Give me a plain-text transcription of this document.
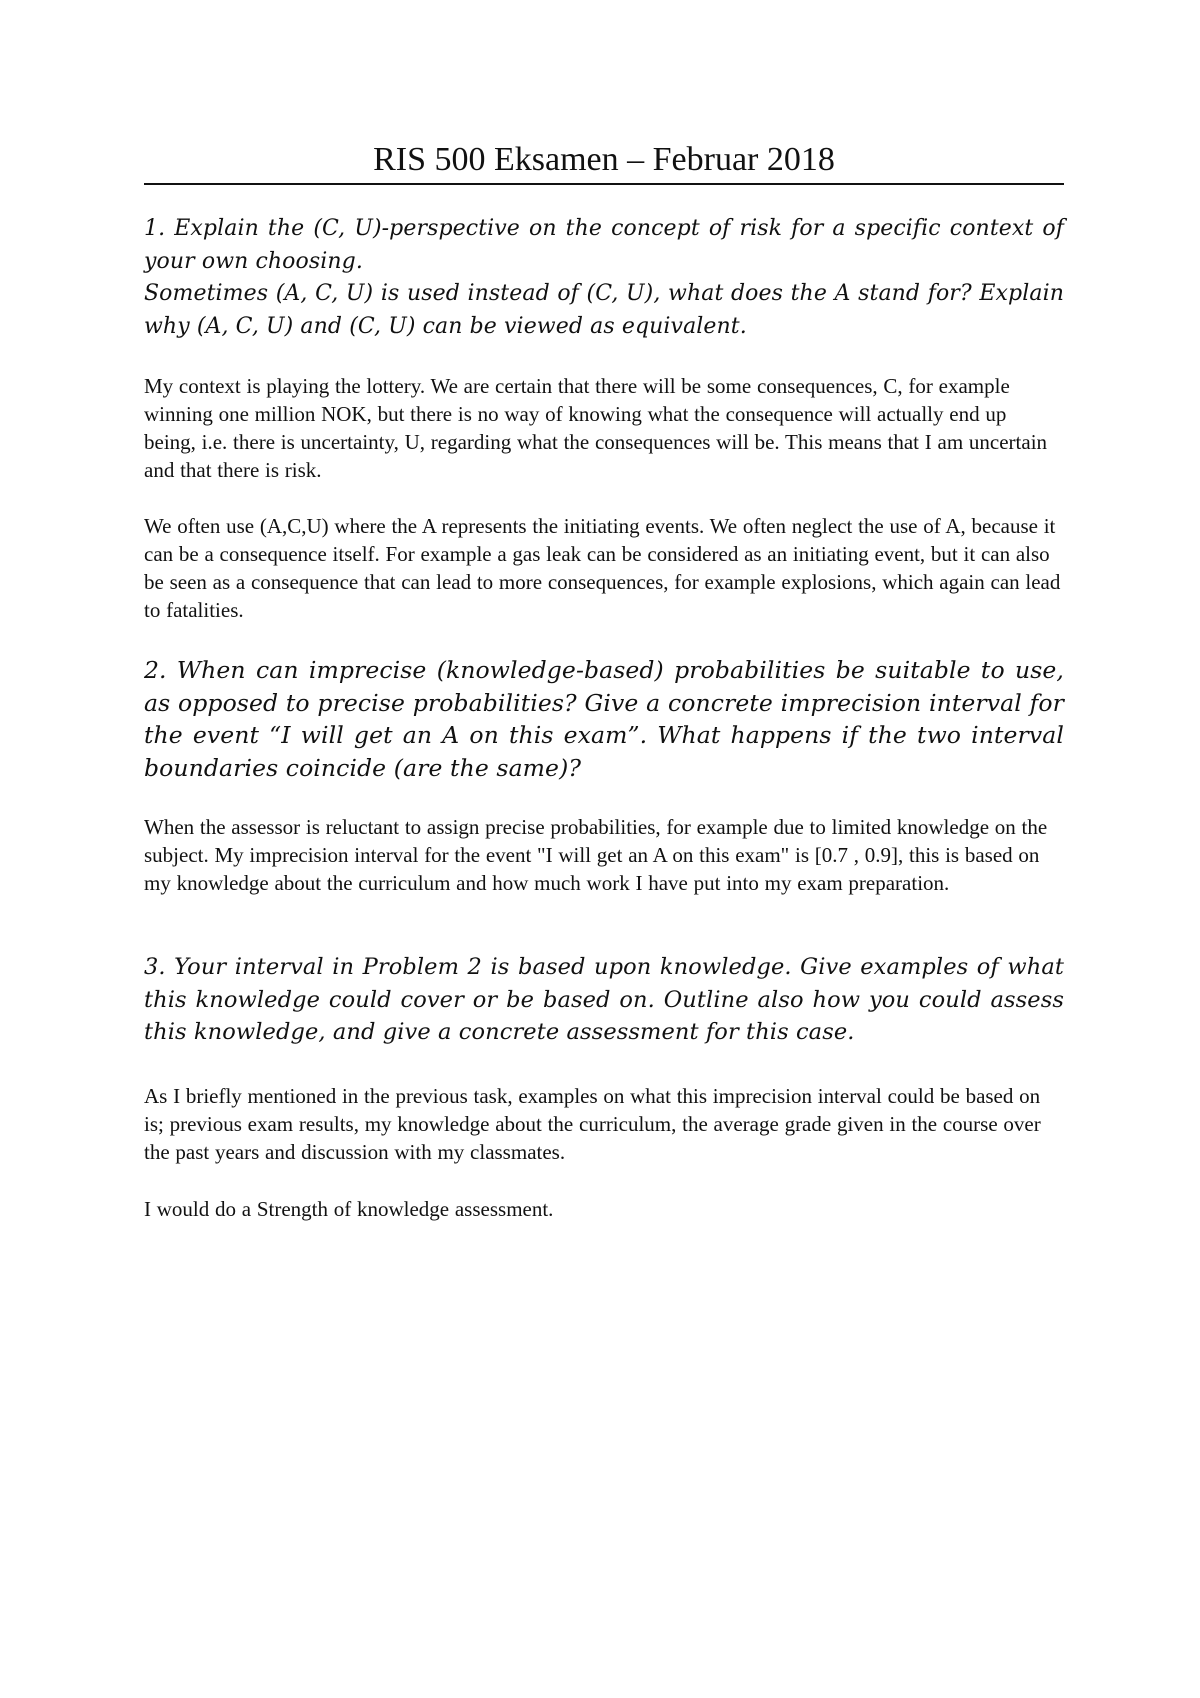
RIS 500 Eksamen – Februar 2018

1. Explain the (C, U)-perspective on the concept of risk for a specific context of your own choosing.

Sometimes (A, C, U) is used instead of (C, U), what does the A stand for? Explain why (A, C, U) and (C, U) can be viewed as equivalent.

My context is playing the lottery. We are certain that there will be some consequences, C, for example winning one million NOK, but there is no way of knowing what the consequence will actually end up being, i.e. there is uncertainty, U, regarding what the consequences will be. This means that I am uncertain and that there is risk.

We often use (A,C,U) where the A represents the initiating events. We often neglect the use of A, because it can be a consequence itself. For example a gas leak can be considered as an initiating event, but it can also be seen as a consequence that can lead to more consequences, for example explosions, which again can lead to fatalities.

2. When can imprecise (knowledge-based) probabilities be suitable to use, as opposed to precise probabilities? Give a concrete imprecision interval for the event “I will get an A on this exam”. What happens if the two interval boundaries coincide (are the same)?

When the assessor is reluctant to assign precise probabilities, for example due to limited knowledge on the subject. My imprecision interval for the event "I will get an A on this exam" is [0.7 , 0.9], this is based on my knowledge about the curriculum and how much work I have put into my exam preparation.

3. Your interval in Problem 2 is based upon knowledge. Give examples of what this knowledge could cover or be based on. Outline also how you could assess this knowledge, and give a concrete assessment for this case.

As I briefly mentioned in the previous task, examples on what this imprecision interval could be based on is; previous exam results, my knowledge about the curriculum, the average grade given in the course over the past years and discussion with my classmates.

I would do a Strength of knowledge assessment.
